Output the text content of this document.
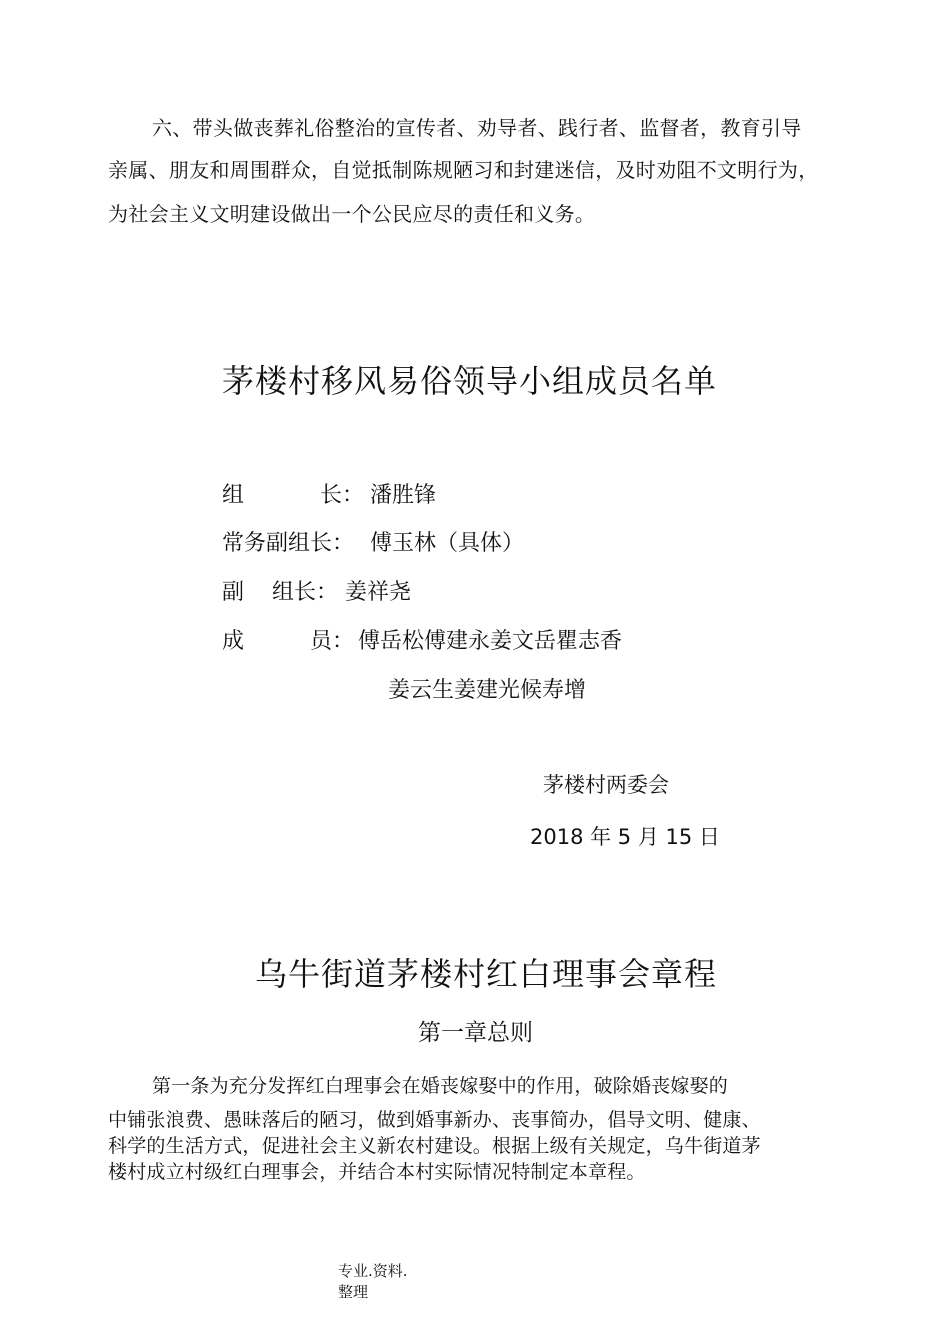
六、带头做丧葬礼俗整治的宣传者、劝导者、践行者、监督者，教育引导
亲属、朋友和周围群众，自觉抵制陈规陋习和封建迷信，及时劝阻不文明行为，
为社会主义文明建设做出一个公民应尽的责任和义务。
茅楼村移风易俗领导小组成员名单
组	长： 潘胜锋
常务副组长： 傅玉林（具体）
副 组长： 姜祥尧
成	员： 傅岳松傅建永姜文岳瞿志香
姜云生姜建光候寿增
茅楼村两委会
2018 年 5 月 15 日
乌牛街道茅楼村红白理事会章程
第一章总则
第一条为充分发挥红白理事会在婚丧嫁娶中的作用，破除婚丧嫁娶的
中铺张浪费、愚昧落后的陋习，做到婚事新办、丧事简办，倡导文明、健康、
科学的生活方式，促进社会主义新农村建设。根据上级有关规定，乌牛街道茅
楼村成立村级红白理事会，并结合本村实际情况特制定本章程。
专业.资料.
整理
